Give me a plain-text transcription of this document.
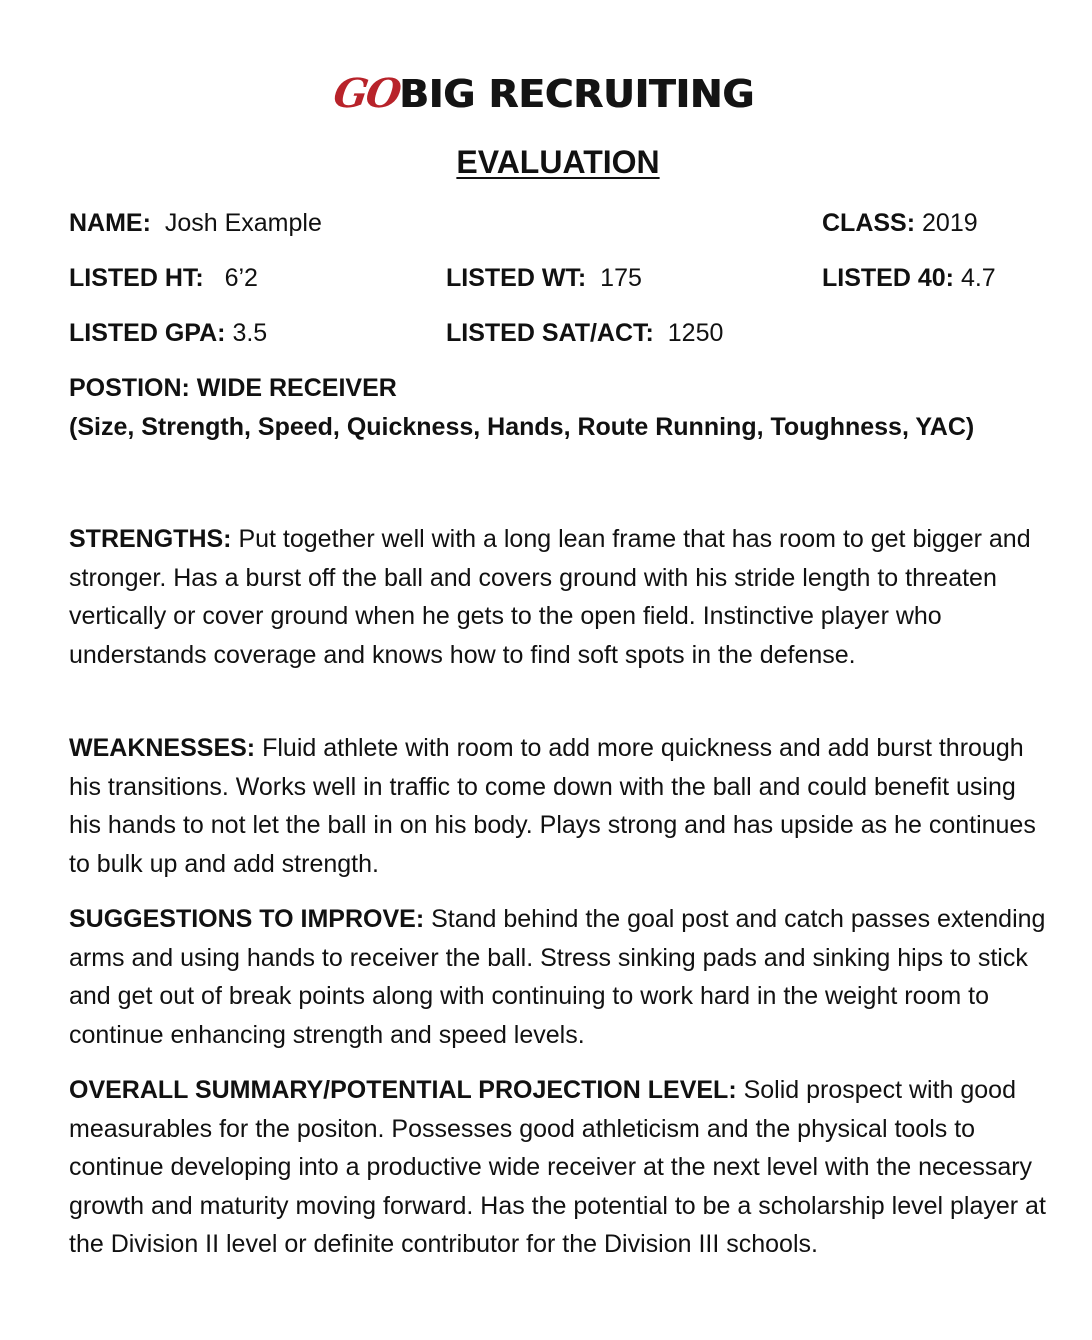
GO
BIG RECRUITING
EVALUATION
NAME: Josh Example	CLASS: 2019
LISTED HT: 6’2	LISTED WT: 175	LISTED 40: 4.7
LISTED GPA: 3.5	LISTED SAT/ACT: 1250
POSTION: WIDE RECEIVER
(Size, Strength, Speed, Quickness, Hands, Route Running, Toughness, YAC)
STRENGTHS: Put together well with a long lean frame that has room to get bigger and stronger. Has a burst off the ball and covers ground with his stride length to threaten vertically or cover ground when he gets to the open field. Instinctive player who understands coverage and knows how to find soft spots in the defense.
WEAKNESSES: Fluid athlete with room to add more quickness and add burst through his transitions. Works well in traffic to come down with the ball and could benefit using his hands to not let the ball in on his body. Plays strong and has upside as he continues to bulk up and add strength.
SUGGESTIONS TO IMPROVE: Stand behind the goal post and catch passes extending arms and using hands to receiver the ball. Stress sinking pads and sinking hips to stick and get out of break points along with continuing to work hard in the weight room to continue enhancing strength and speed levels.
OVERALL SUMMARY/POTENTIAL PROJECTION LEVEL: Solid prospect with good measurables for the positon. Possesses good athleticism and the physical tools to continue developing into a productive wide receiver at the next level with the necessary growth and maturity moving forward. Has the potential to be a scholarship level player at the Division II level or definite contributor for the Division III schools.
